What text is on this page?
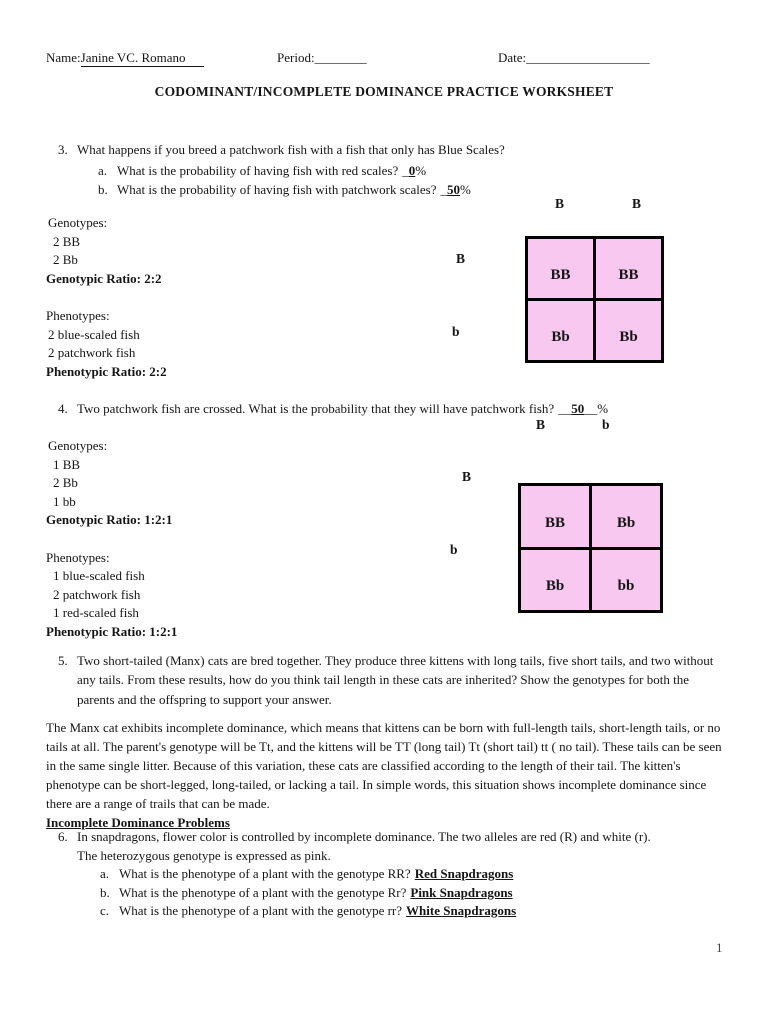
Name:Janine VC. Romano	Period:________	Date:___________________
CODOMINANT/INCOMPLETE DOMINANCE PRACTICE WORKSHEET
3. What happens if you breed a patchwork fish with a fish that only has Blue Scales?
a. What is the probability of having fish with red scales? _0%
b. What is the probability of having fish with patchwork scales? _50%
B	B
B
b
BB	BB
Bb	Bb
Genotypes:
2 BB
2 Bb
Genotypic Ratio: 2:2
Phenotypes:
2 blue-scaled fish
2 patchwork fish
Phenotypic Ratio: 2:2
4. Two patchwork fish are crossed. What is the probability that they will have patchwork fish? __50__%
B	b
B
b
BB	Bb
Bb	bb
Genotypes:
1 BB
2 Bb
1 bb
Genotypic Ratio: 1:2:1
Phenotypes:
1 blue-scaled fish
2 patchwork fish
1 red-scaled fish
Phenotypic Ratio: 1:2:1
5. Two short-tailed (Manx) cats are bred together. They produce three kittens with long tails, five short tails, and two without any tails. From these results, how do you think tail length in these cats are inherited? Show the genotypes for both the parents and the offspring to support your answer.
The Manx cat exhibits incomplete dominance, which means that kittens can be born with full-length tails, short-length tails, or no tails at all. The parent's genotype will be Tt, and the kittens will be TT (long tail) Tt (short tail) tt ( no tail). These tails can be seen in the same single litter. Because of this variation, these cats are classified according to the length of their tail. The kitten's phenotype can be short-legged, long-tailed, or lacking a tail. In simple words, this situation shows incomplete dominance since there are a range of trails that can be made.
Incomplete Dominance Problems
6. In snapdragons, flower color is controlled by incomplete dominance. The two alleles are red (R) and white (r).
The heterozygous genotype is expressed as pink.
a. What is the phenotype of a plant with the genotype RR? Red Snapdragons
b. What is the phenotype of a plant with the genotype Rr? Pink Snapdragons
c. What is the phenotype of a plant with the genotype rr? White Snapdragons
1
